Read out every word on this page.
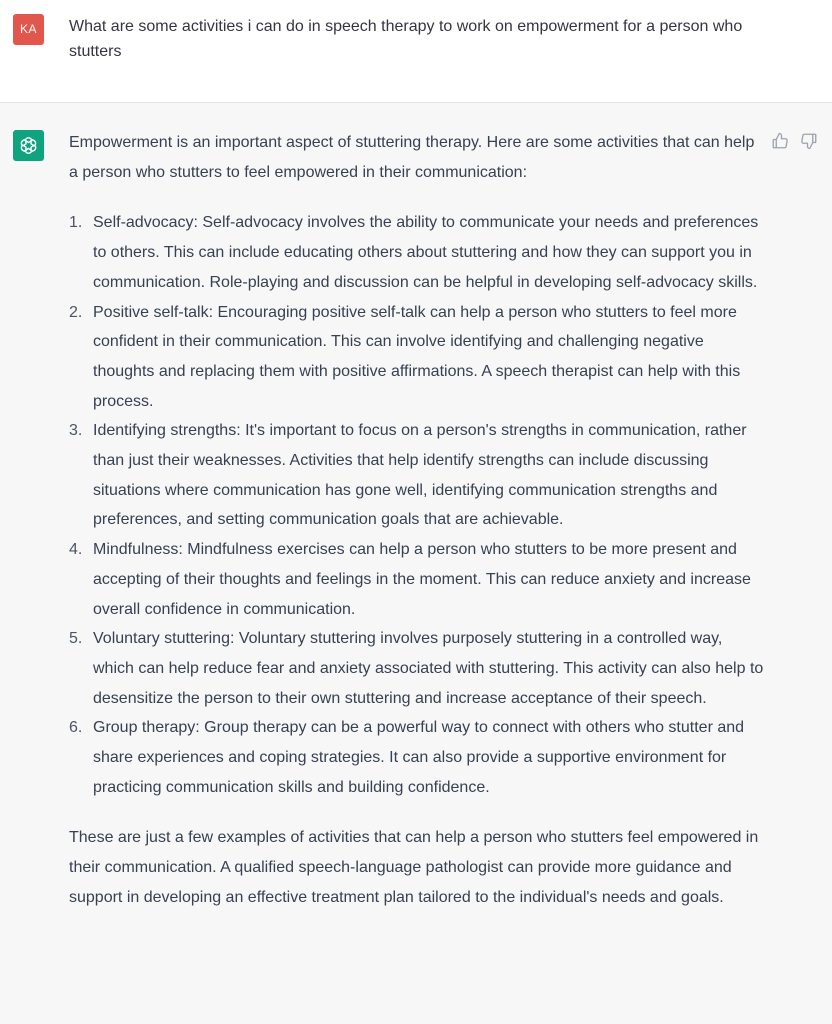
KA	What are some activities i can do in speech therapy to work on empowerment for a person who stutters

Empowerment is an important aspect of stuttering therapy. Here are some activities that can help a person who stutters to feel empowered in their communication:

1. Self-advocacy: Self-advocacy involves the ability to communicate your needs and preferences to others. This can include educating others about stuttering and how they can support you in communication. Role-playing and discussion can be helpful in developing self-advocacy skills.
2. Positive self-talk: Encouraging positive self-talk can help a person who stutters to feel more confident in their communication. This can involve identifying and challenging negative thoughts and replacing them with positive affirmations. A speech therapist can help with this process.
3. Identifying strengths: It's important to focus on a person's strengths in communication, rather than just their weaknesses. Activities that help identify strengths can include discussing situations where communication has gone well, identifying communication strengths and preferences, and setting communication goals that are achievable.
4. Mindfulness: Mindfulness exercises can help a person who stutters to be more present and accepting of their thoughts and feelings in the moment. This can reduce anxiety and increase overall confidence in communication.
5. Voluntary stuttering: Voluntary stuttering involves purposely stuttering in a controlled way, which can help reduce fear and anxiety associated with stuttering. This activity can also help to desensitize the person to their own stuttering and increase acceptance of their speech.
6. Group therapy: Group therapy can be a powerful way to connect with others who stutter and share experiences and coping strategies. It can also provide a supportive environment for practicing communication skills and building confidence.

These are just a few examples of activities that can help a person who stutters feel empowered in their communication. A qualified speech-language pathologist can provide more guidance and support in developing an effective treatment plan tailored to the individual's needs and goals.
